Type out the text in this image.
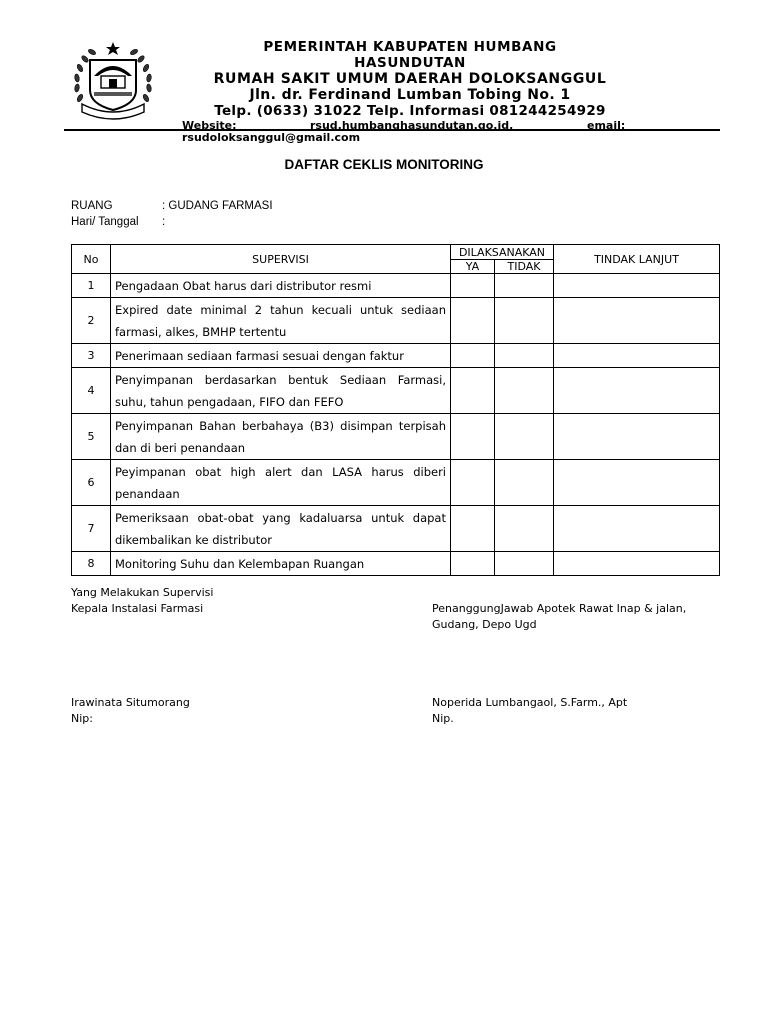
PEMERINTAH KABUPATEN HUMBANG
HASUNDUTAN
RUMAH SAKIT UMUM DAERAH DOLOKSANGGUL
Jln. dr. Ferdinand Lumban Tobing No. 1
Telp. (0633) 31022 Telp. Informasi 081244254929
Website:	rsud.humbanghasundutan.go.id,	email:
rsudoloksanggul@gmail.com
DAFTAR CEKLIS MONITORING
RUANG	: GUDANG FARMASI
Hari/ Tanggal :
No	SUPERVISI	DILAKSANAKAN		TINDAK LANJUT
		YA	TIDAK	
1	Pengadaan Obat harus dari distributor resmi			
2	Expired date minimal 2 tahun kecuali untuk sediaan farmasi, alkes, BMHP tertentu			
3	Penerimaan sediaan farmasi sesuai dengan faktur			
4	Penyimpanan berdasarkan bentuk Sediaan Farmasi, suhu, tahun pengadaan, FIFO dan FEFO			
5	Penyimpanan Bahan berbahaya (B3) disimpan terpisah dan di beri penandaan			
6	Peyimpanan obat high alert dan LASA harus diberi penandaan			
7	Pemeriksaan obat-obat yang kadaluarsa untuk dapat dikembalikan ke distributor			
8	Monitoring Suhu dan Kelembapan Ruangan			
Yang Melakukan Supervisi
Kepala Instalasi Farmasi	PenanggungJawab Apotek Rawat Inap & jalan,
Gudang, Depo Ugd
Irawinata Situmorang
Nip:
Noperida Lumbangaol, S.Farm., Apt
Nip.
